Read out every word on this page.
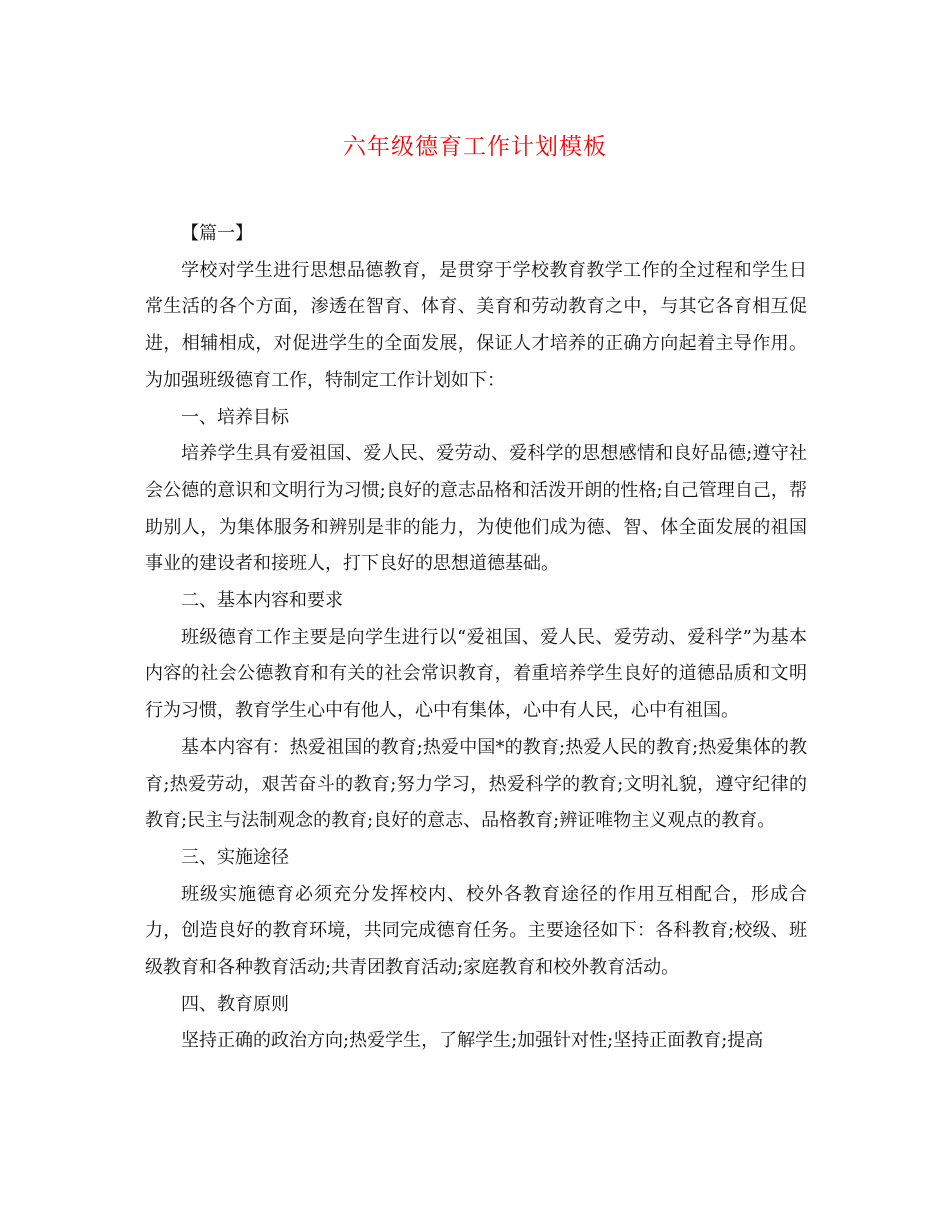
六年级德育工作计划模板

【篇一】

学校对学生进行思想品德教育，是贯穿于学校教育教学工作的全过程和学生日常生活的各个方面，渗透在智育、体育、美育和劳动教育之中，与其它各育相互促进，相辅相成，对促进学生的全面发展，保证人才培养的正确方向起着主导作用。为加强班级德育工作，特制定工作计划如下：

一、培养目标

培养学生具有爱祖国、爱人民、爱劳动、爱科学的思想感情和良好品德;遵守社会公德的意识和文明行为习惯;良好的意志品格和活泼开朗的性格;自己管理自己，帮助别人，为集体服务和辨别是非的能力，为使他们成为德、智、体全面发展的祖国事业的建设者和接班人，打下良好的思想道德基础。

二、基本内容和要求

班级德育工作主要是向学生进行以“爱祖国、爱人民、爱劳动、爱科学”为基本内容的社会公德教育和有关的社会常识教育，着重培养学生良好的道德品质和文明行为习惯，教育学生心中有他人，心中有集体，心中有人民，心中有祖国。

基本内容有：热爱祖国的教育;热爱中国*的教育;热爱人民的教育;热爱集体的教育;热爱劳动，艰苦奋斗的教育;努力学习，热爱科学的教育;文明礼貌，遵守纪律的教育;民主与法制观念的教育;良好的意志、品格教育;辨证唯物主义观点的教育。

三、实施途径

班级实施德育必须充分发挥校内、校外各教育途径的作用互相配合，形成合力，创造良好的教育环境，共同完成德育任务。主要途径如下：各科教育;校级、班级教育和各种教育活动;共青团教育活动;家庭教育和校外教育活动。

四、教育原则

坚持正确的政治方向;热爱学生，了解学生;加强针对性;坚持正面教育;提高
